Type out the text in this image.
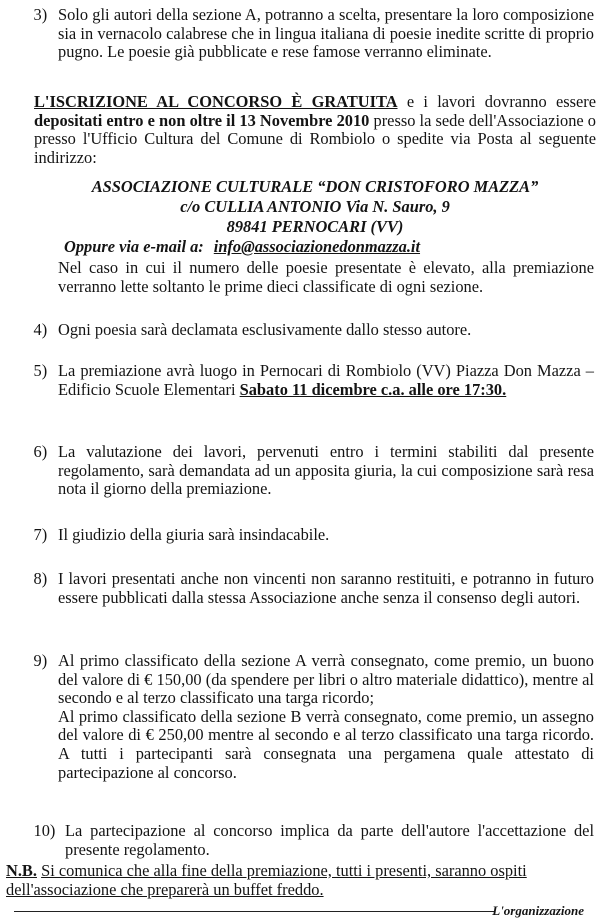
3) Solo gli autori della sezione A, potranno a scelta, presentare la loro composizione sia in vernacolo calabrese che in lingua italiana di poesie inedite scritte di proprio pugno. Le poesie già pubblicate e rese famose verranno eliminate.
L'ISCRIZIONE AL CONCORSO È GRATUITA e i lavori dovranno essere depositati entro e non oltre il 13 Novembre 2010 presso la sede dell'Associazione o presso l'Ufficio Cultura del Comune di Rombiolo o spedite via Posta al seguente indirizzo:
ASSOCIAZIONE CULTURALE “DON CRISTOFORO MAZZA”
c/o CULLIA ANTONIO Via N. Sauro, 9
89841 PERNOCARI (VV)
Oppure via e-mail a: info@associazionedonmazza.it
Nel caso in cui il numero delle poesie presentate è elevato, alla premiazione verranno lette soltanto le prime dieci classificate di ogni sezione.
4) Ogni poesia sarà declamata esclusivamente dallo stesso autore.
5) La premiazione avrà luogo in Pernocari di Rombiolo (VV) Piazza Don Mazza – Edificio Scuole Elementari Sabato 11 dicembre c.a. alle ore 17:30.
6) La valutazione dei lavori, pervenuti entro i termini stabiliti dal presente regolamento, sarà demandata ad un apposita giuria, la cui composizione sarà resa nota il giorno della premiazione.
7) Il giudizio della giuria sarà insindacabile.
8) I lavori presentati anche non vincenti non saranno restituiti, e potranno in futuro essere pubblicati dalla stessa Associazione anche senza il consenso degli autori.
9) Al primo classificato della sezione A verrà consegnato, come premio, un buono del valore di € 150,00 (da spendere per libri o altro materiale didattico), mentre al secondo e al terzo classificato una targa ricordo;
Al primo classificato della sezione B verrà consegnato, come premio, un assegno del valore di € 250,00 mentre al secondo e al terzo classificato una targa ricordo. A tutti i partecipanti sarà consegnata una pergamena quale attestato di partecipazione al concorso.
10) La partecipazione al concorso implica da parte dell'autore l'accettazione del presente regolamento.
N.B. Si comunica che alla fine della premiazione, tutti i presenti, saranno ospiti dell'associazione che preparerà un buffet freddo.
L'organizzazione
